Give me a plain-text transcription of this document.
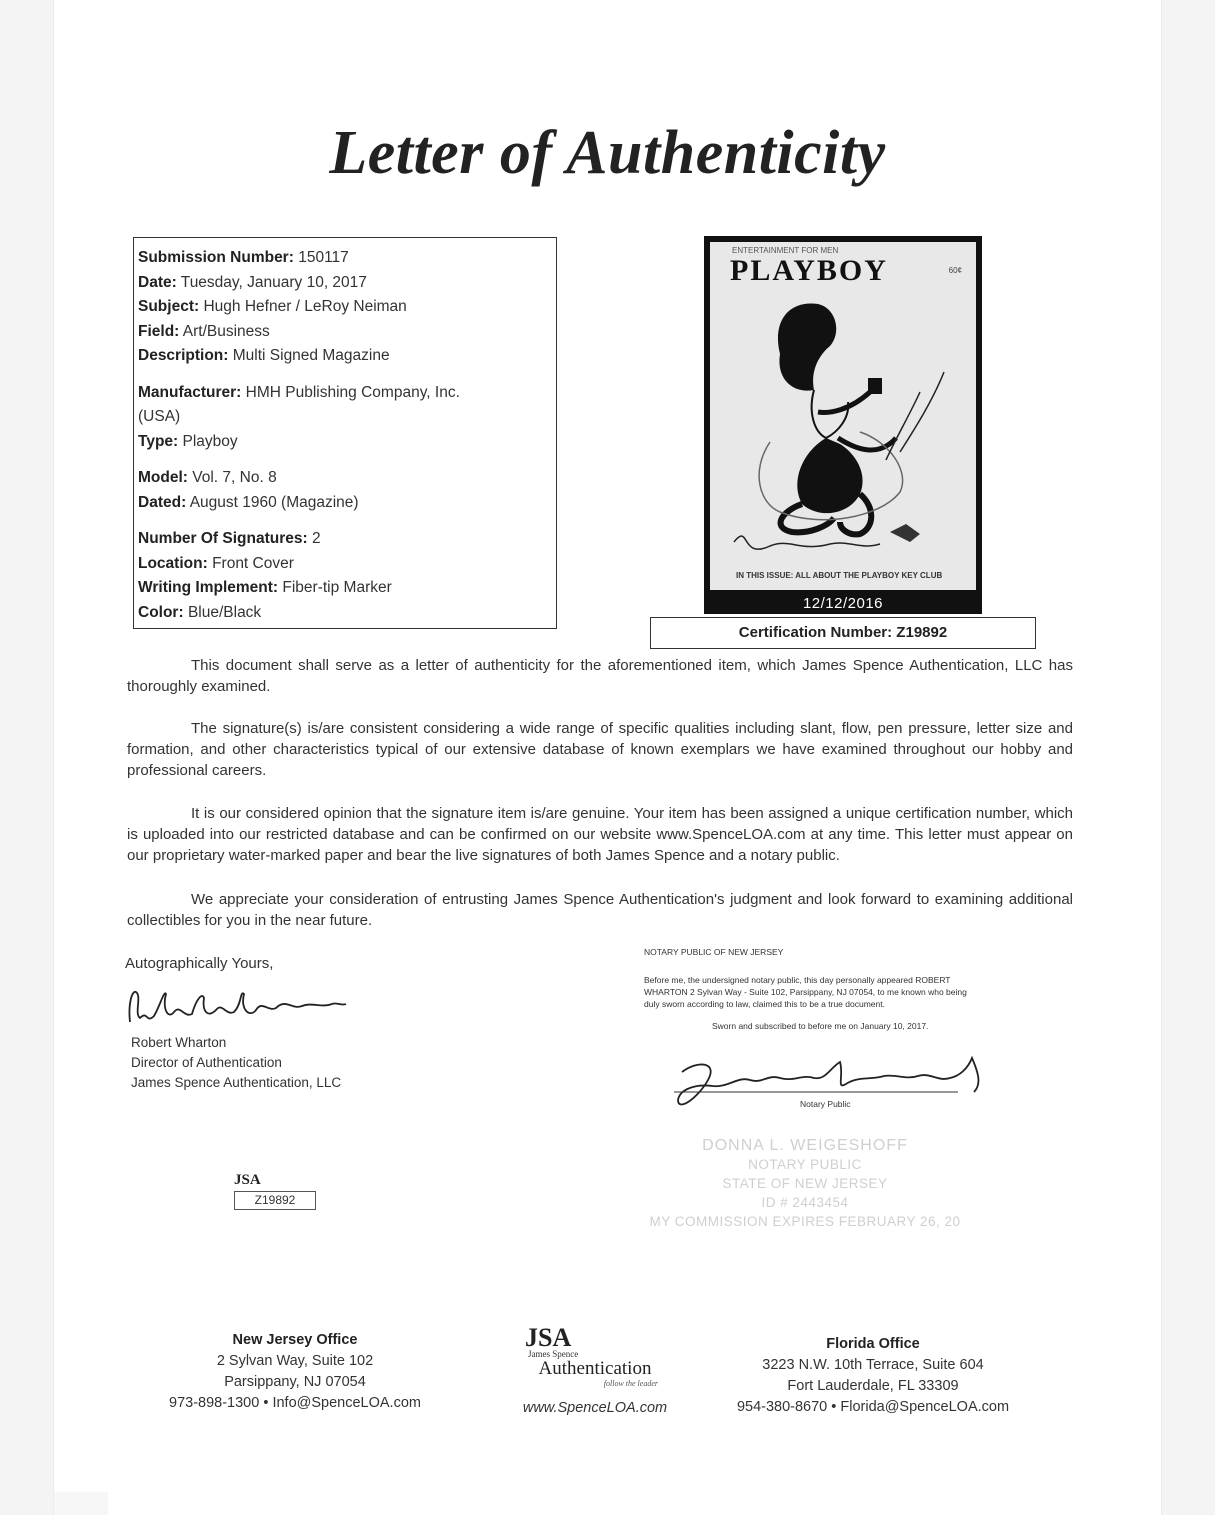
Letter of Authenticity
Submission Number: 150117
Date: Tuesday, January 10, 2017
Subject: Hugh Hefner / LeRoy Neiman
Field: Art/Business
Description: Multi Signed Magazine
Manufacturer: HMH Publishing Company, Inc.
(USA)
Type: Playboy
Model: Vol. 7, No. 8
Dated: August 1960 (Magazine)
Number Of Signatures: 2
Location: Front Cover
Writing Implement: Fiber-tip Marker
Color: Blue/Black
ENTERTAINMENT FOR MEN
PLAYBOY	60¢
IN THIS ISSUE: ALL ABOUT THE PLAYBOY KEY CLUB
12/12/2016
Certification Number: Z19892

This document shall serve as a letter of authenticity for the aforementioned item, which James Spence Authentication, LLC has thoroughly examined.

The signature(s) is/are consistent considering a wide range of specific qualities including slant, flow, pen pressure, letter size and formation, and other characteristics typical of our extensive database of known exemplars we have examined throughout our hobby and professional careers.

It is our considered opinion that the signature item is/are genuine. Your item has been assigned a unique certification number, which is uploaded into our restricted database and can be confirmed on our website www.SpenceLOA.com at any time. This letter must appear on our proprietary water-marked paper and bear the live signatures of both James Spence and a notary public.

We appreciate your consideration of entrusting James Spence Authentication's judgment and look forward to examining additional collectibles for you in the near future.

Autographically Yours,
Robert Wharton
Director of Authentication
James Spence Authentication, LLC
NOTARY PUBLIC OF NEW JERSEY
Before me, the undersigned notary public, this day personally appeared ROBERT
WHARTON 2 Sylvan Way - Suite 102, Parsippany, NJ 07054, to me known who being
duly sworn according to law, claimed this to be a true document.
Sworn and subscribed to before me on January 10, 2017.
Notary Public
DONNA L. WEIGESHOFF
NOTARY PUBLIC
STATE OF NEW JERSEY
ID # 2443454
MY COMMISSION EXPIRES FEBRUARY 26, 20
JSA
Z19892
New Jersey Office
2 Sylvan Way, Suite 102
Parsippany, NJ 07054
973-898-1300 • Info@SpenceLOA.com
JSA
James Spence
Authentication
follow the leader
www.SpenceLOA.com
Florida Office
3223 N.W. 10th Terrace, Suite 604
Fort Lauderdale, FL 33309
954-380-8670 • Florida@SpenceLOA.com
